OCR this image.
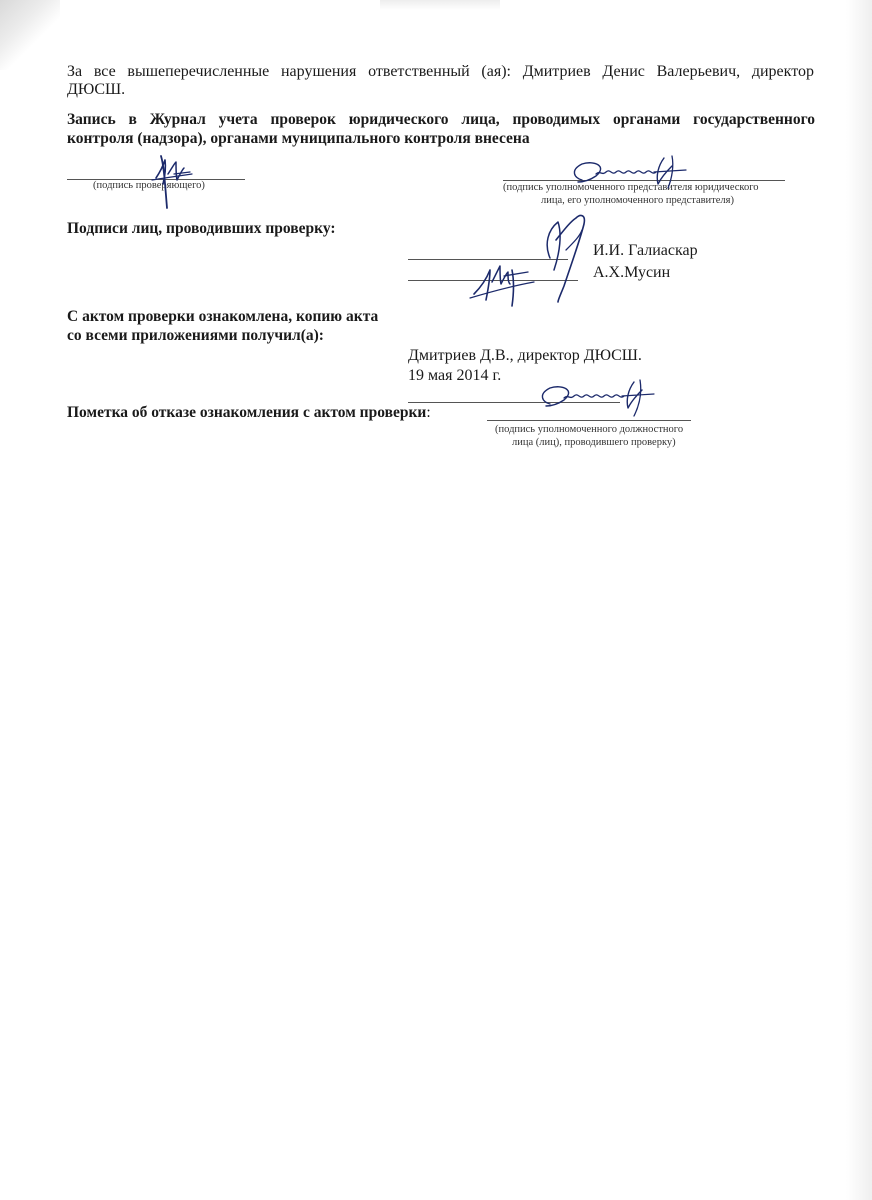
За все вышеперечисленные нарушения ответственный (ая): Дмитриев Денис Валерьевич, директор
ДЮСШ.
Запись в Журнал учета проверок юридического лица, проводимых органами государственного
контроля (надзора), органами муниципального контроля внесена
(подпись проверяющего)	(подпись уполномоченного представителя юридического
лица, его уполномоченного представителя)
Подписи лиц, проводивших проверку:
И.И. Галиаскар
А.Х.Мусин
С актом проверки ознакомлена, копию акта
со всеми приложениями получил(а):
Дмитриев Д.В., директор ДЮСШ.
19 мая 2014 г.
Пометка об отказе ознакомления с актом проверки:
(подпись уполномоченного должностного
лица (лиц), проводившего проверку)
